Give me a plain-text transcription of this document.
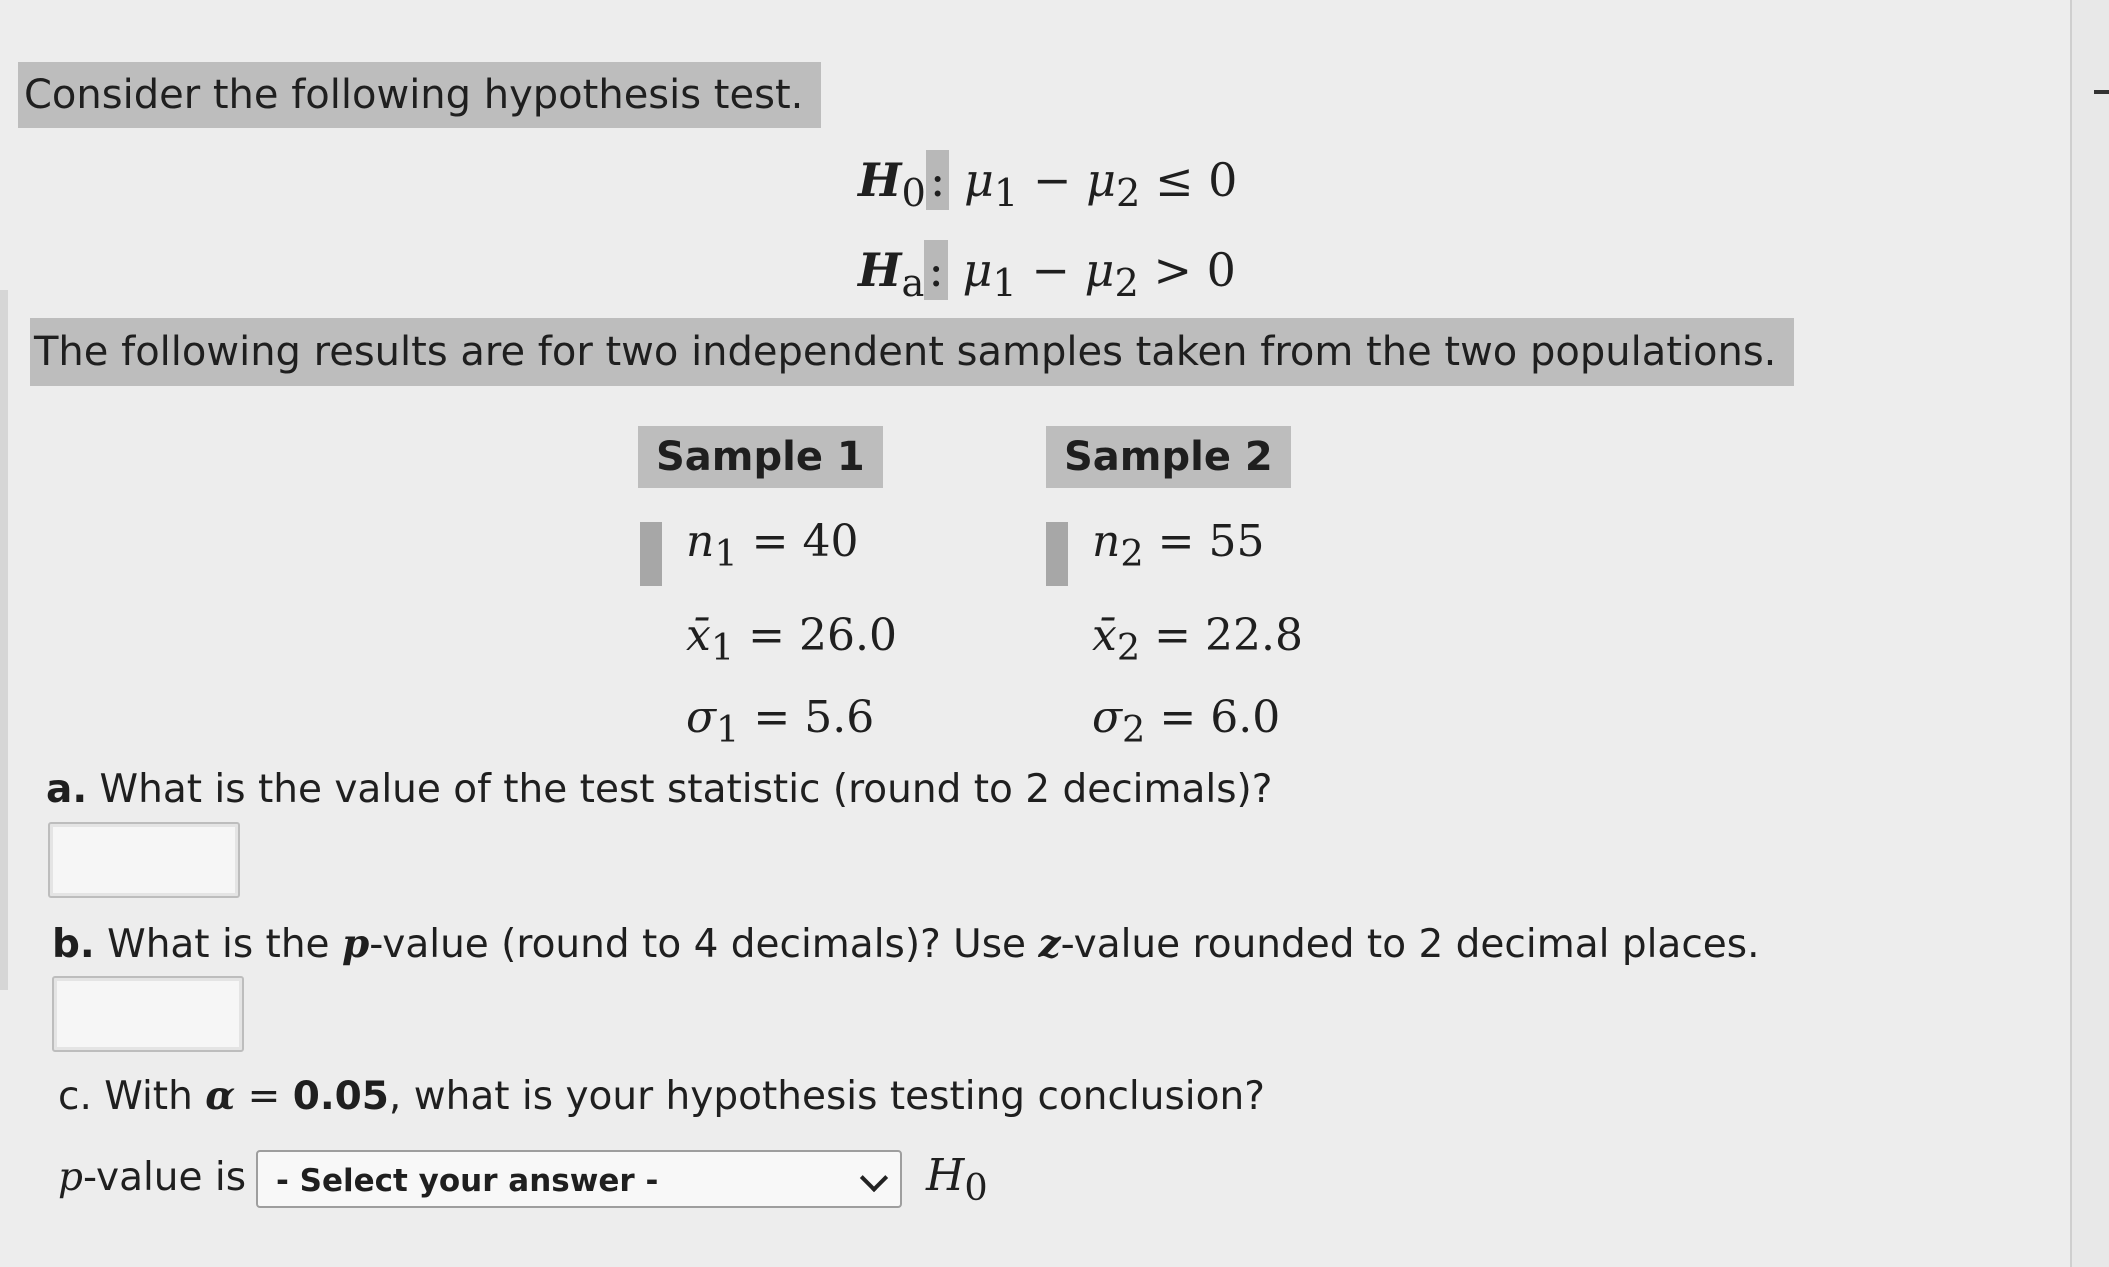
Consider the following hypothesis test.
$H_0$: $\mu_1 - \mu_2 \le 0$
$H_a$: $\mu_1 - \mu_2 > 0$
The following results are for two independent samples taken from the two populations.
Sample 1	Sample 2
$n_1 = 40$	$n_2 = 55$
$x̄_1 = 26.0$	$x̄_2 = 22.8$
$\sigma_1 = 5.6$	$\sigma_2 = 6.0$
a. What is the value of the test statistic (round to 2 decimals)?
b. What is the p-value (round to 4 decimals)? Use z-value rounded to 2 decimal places.
c. With α = 0.05, what is your hypothesis testing conclusion?
p-value is - Select your answer -	$H_0$
